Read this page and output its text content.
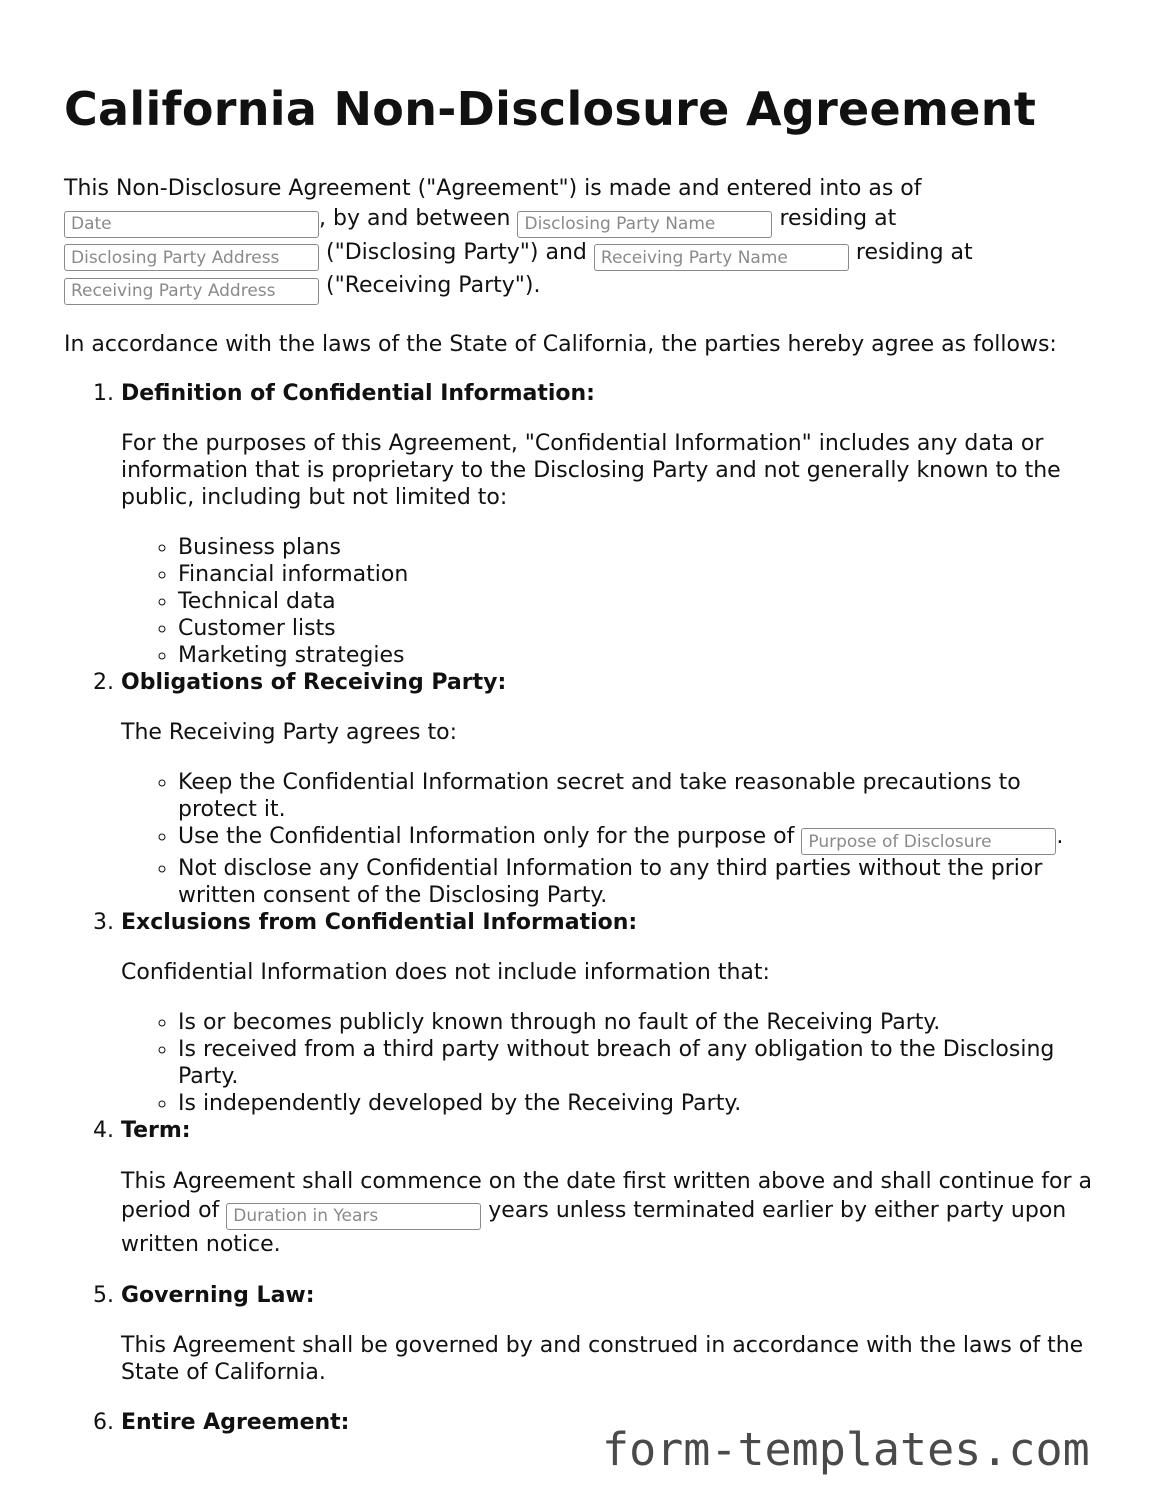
California Non-Disclosure Agreement

This Non-Disclosure Agreement ("Agreement") is made and entered into as of
Date, by and between Disclosing Party Name	residing at
Disclosing Party Address ("Disclosing Party") and Receiving Party Name	residing at
Receiving Party Address ("Receiving Party").

In accordance with the laws of the State of California, the parties hereby agree as follows:

1. Definition of Confidential Information:

For the purposes of this Agreement, "Confidential Information" includes any data or information that is proprietary to the Disclosing Party and not generally known to the public, including but not limited to:

◦ Business plans
◦ Financial information
◦ Technical data
◦ Customer lists
◦ Marketing strategies
2. Obligations of Receiving Party:

The Receiving Party agrees to:

◦ Keep the Confidential Information secret and take reasonable precautions to protect it.
◦ Use the Confidential Information only for the purpose of Purpose of Disclosure	.
◦ Not disclose any Confidential Information to any third parties without the prior written consent of the Disclosing Party.
3. Exclusions from Confidential Information:

Confidential Information does not include information that:

◦ Is or becomes publicly known through no fault of the Receiving Party.
◦ Is received from a third party without breach of any obligation to the Disclosing Party.
◦ Is independently developed by the Receiving Party.
4. Term:

This Agreement shall commence on the date first written above and shall continue for a period of Duration in Years	years unless terminated earlier by either party upon written notice.

5. Governing Law:

This Agreement shall be governed by and construed in accordance with the laws of the State of California.

6. Entire Agreement:
form-templates.com
